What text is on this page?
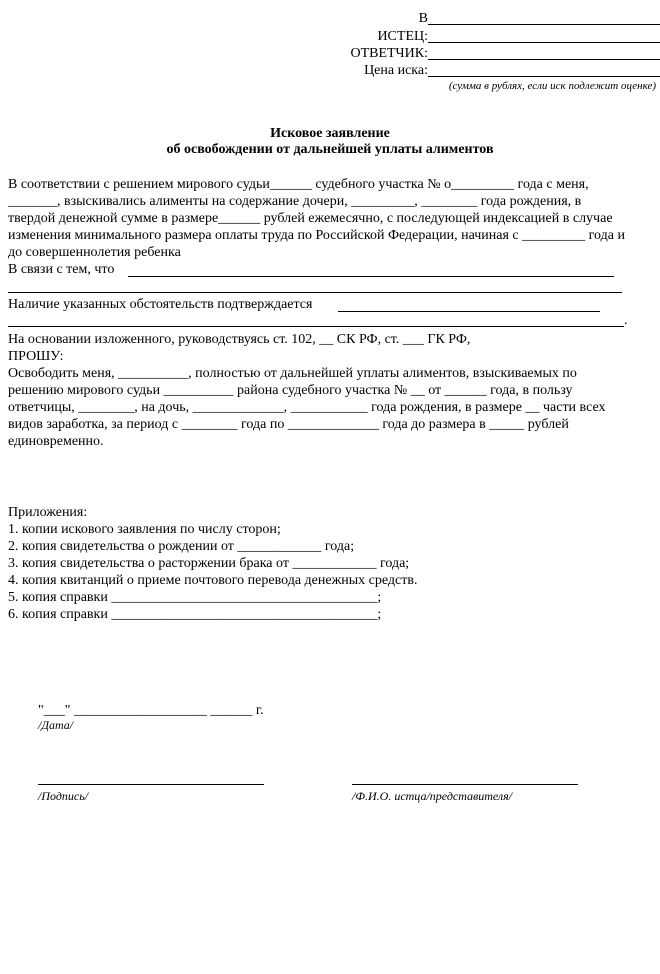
В
ИСТЕЦ:
ОТВЕТЧИК:
Цена иска:
(сумма в рублях, если иск подлежит оценке)
Исковое заявление
об освобождении от дальнейшей уплаты алиментов
В соответствии с решением мирового судьи______ судебного участка № о_________ года с меня,
_______, взыскивались алименты на содержание дочери, _________, ________ года рождения, в
твердой денежной сумме в размере______ рублей ежемесячно, с последующей индексацией в случае
изменения минимального размера оплаты труда по Российской Федерации, начиная с _________ года и
до совершеннолетия ребенка
В связи с тем, что
Наличие указанных обстоятельств подтверждается
.
На основании изложенного, руководствуясь ст. 102, __ СК РФ, ст. ___ ГК РФ,
ПРОШУ:
Освободить меня, __________, полностью от дальнейшей уплаты алиментов, взыскиваемых по
решению мирового судьи __________ района судебного участка № __ от ______ года, в пользу
ответчицы, ________, на дочь, _____________, ___________ года рождения, в размере __ части всех
видов заработка, за период с ________ года по _____________ года до размера в _____ рублей
единовременно.
Приложения:
1. копии искового заявления по числу сторон;
2. копия свидетельства о рождении от ____________ года;
3. копия свидетельства о расторжении брака от ____________ года;
4. копия квитанций о приеме почтового перевода денежных средств.
5. копия справки ______________________________________;
6. копия справки ______________________________________;
"___" ___________________ ______ г.
/Дата/
/Подпись/	/Ф.И.О. истца/представителя/
